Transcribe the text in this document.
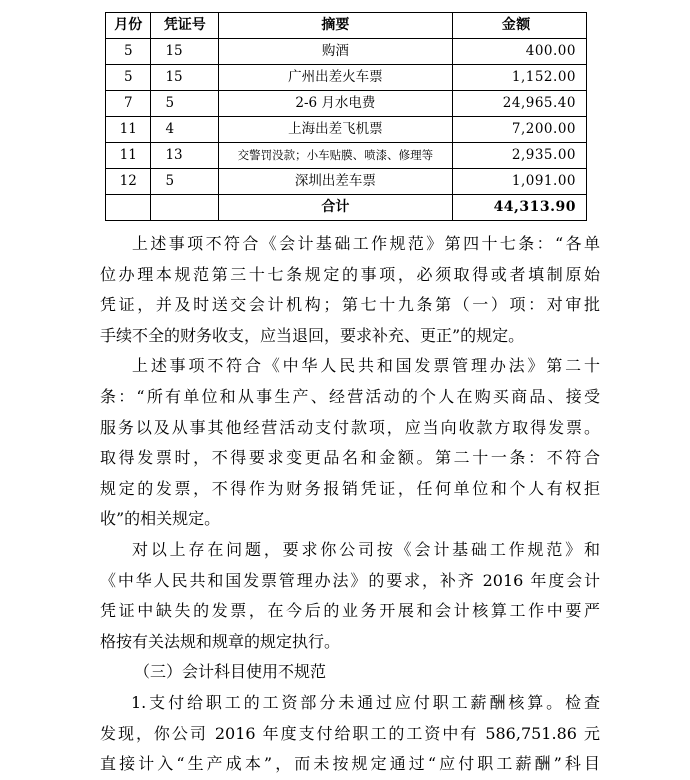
月份	凭证号	摘要	金额
5	15	购酒	400.00
5	15	广州出差火车票	1,152.00
7	5	2-6 月水电费	24,965.40
11	4	上海出差飞机票	7,200.00
11	13	交警罚没款；小车贴膜、喷漆、修理等	2,935.00
12	5	深圳出差车票	1,091.00
		合计	44,313.90
上述事项不符合《会计基础工作规范》第四十七条：“各单
位办理本规范第三十七条规定的事项，必须取得或者填制原始
凭证，并及时送交会计机构；第七十九条第（一）项：对审批
手续不全的财务收支，应当退回，要求补充、更正”的规定。
上述事项不符合《中华人民共和国发票管理办法》第二十
条：“所有单位和从事生产、经营活动的个人在购买商品、接受
服务以及从事其他经营活动支付款项，应当向收款方取得发票。
取得发票时，不得要求变更品名和金额。第二十一条：不符合
规定的发票，不得作为财务报销凭证，任何单位和个人有权拒
收”的相关规定。
对以上存在问题，要求你公司按《会计基础工作规范》和
《中华人民共和国发票管理办法》的要求，补齐 2016 年度会计
凭证中缺失的发票，在今后的业务开展和会计核算工作中要严
格按有关法规和规章的规定执行。
（三）会计科目使用不规范
1.支付给职工的工资部分未通过应付职工薪酬核算。检查
发现，你公司 2016 年度支付给职工的工资中有 586,751.86 元
直接计入“生产成本”，而未按规定通过“应付职工薪酬”科目
